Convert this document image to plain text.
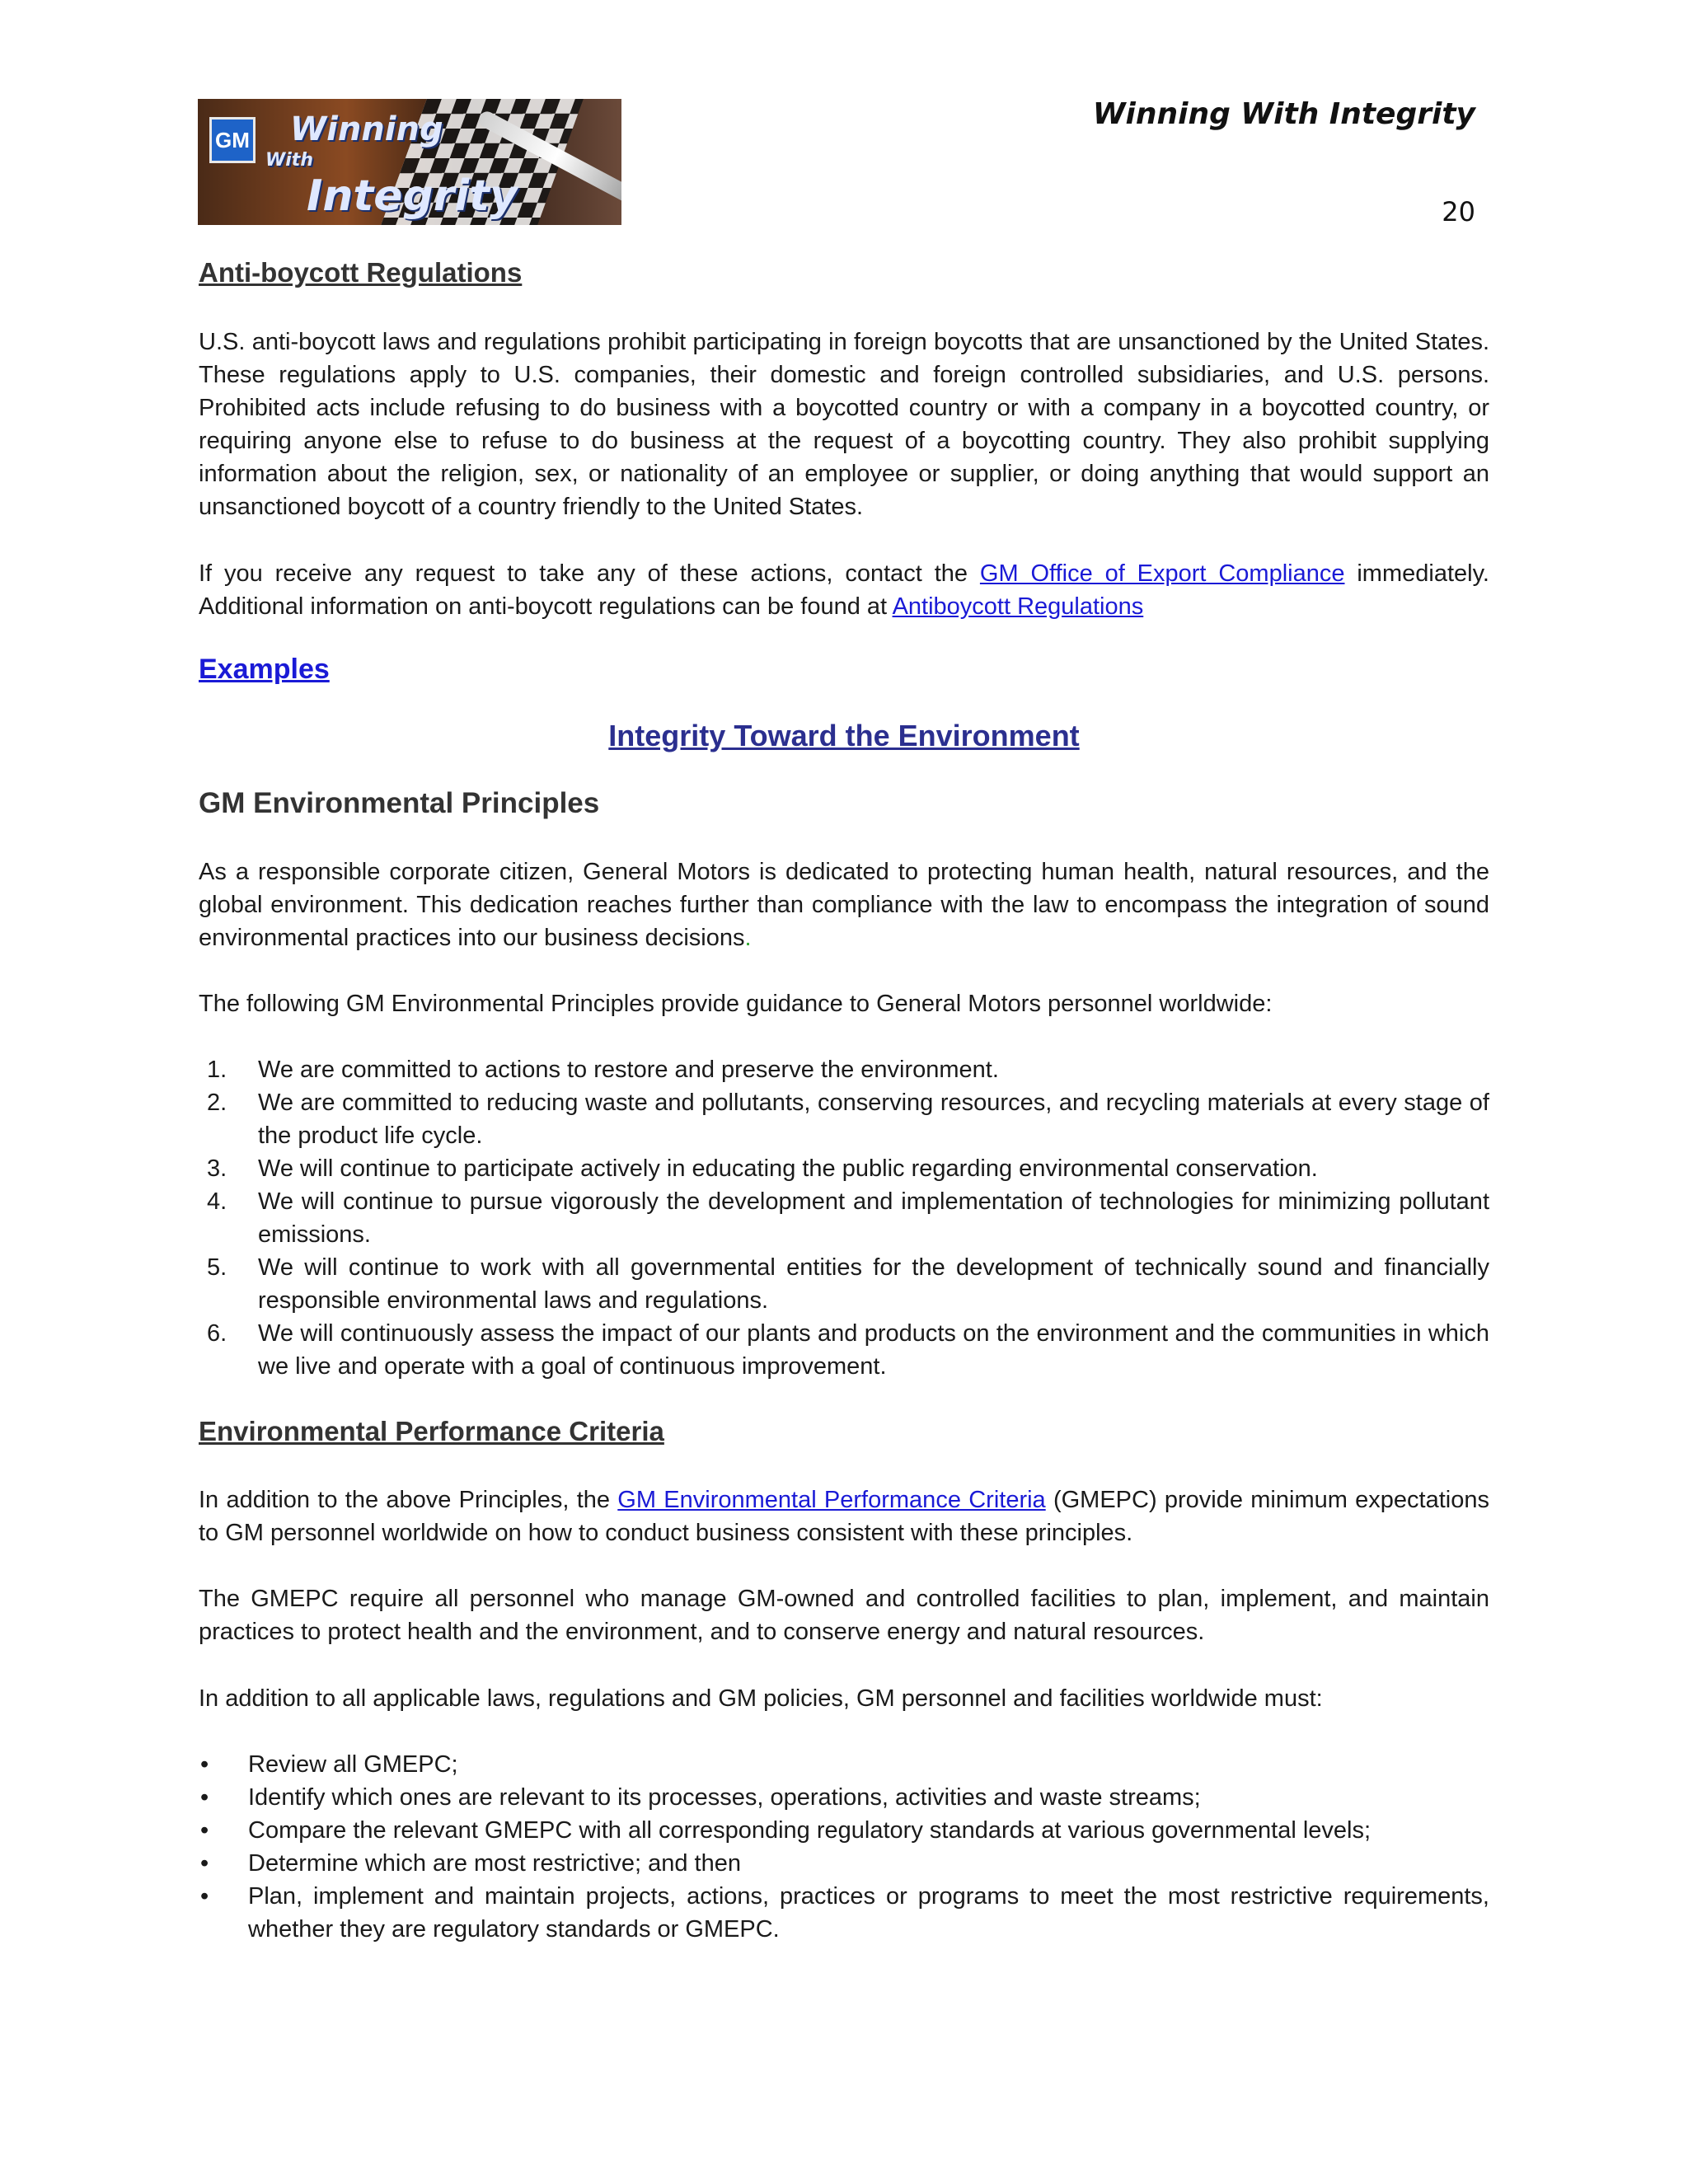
GM Winning
With
Integrity
Winning With Integrity
20

Anti-boycott Regulations

U.S. anti-boycott laws and regulations prohibit participating in foreign boycotts that are unsanctioned by the United States. These regulations apply to U.S. companies, their domestic and foreign controlled subsidiaries, and U.S. persons. Prohibited acts include refusing to do business with a boycotted country or with a company in a boycotted country, or requiring anyone else to refuse to do business at the request of a boycotting country. They also prohibit supplying information about the religion, sex, or nationality of an employee or supplier, or doing anything that would support an unsanctioned boycott of a country friendly to the United States.

If you receive any request to take any of these actions, contact the GM Office of Export Compliance immediately. Additional information on anti-boycott regulations can be found at Antiboycott Regulations

Examples

Integrity Toward the Environment

GM Environmental Principles

As a responsible corporate citizen, General Motors is dedicated to protecting human health, natural resources, and the global environment. This dedication reaches further than compliance with the law to encompass the integration of sound environmental practices into our business decisions.

The following GM Environmental Principles provide guidance to General Motors personnel worldwide:

1. We are committed to actions to restore and preserve the environment.
2. We are committed to reducing waste and pollutants, conserving resources, and recycling materials at every stage of the product life cycle.
3. We will continue to participate actively in educating the public regarding environmental conservation.
4. We will continue to pursue vigorously the development and implementation of technologies for minimizing pollutant emissions.
5. We will continue to work with all governmental entities for the development of technically sound and financially responsible environmental laws and regulations.
6. We will continuously assess the impact of our plants and products on the environment and the communities in which we live and operate with a goal of continuous improvement.

Environmental Performance Criteria

In addition to the above Principles, the GM Environmental Performance Criteria (GMEPC) provide minimum expectations to GM personnel worldwide on how to conduct business consistent with these principles.

The GMEPC require all personnel who manage GM-owned and controlled facilities to plan, implement, and maintain practices to protect health and the environment, and to conserve energy and natural resources.

In addition to all applicable laws, regulations and GM policies, GM personnel and facilities worldwide must:

• Review all GMEPC;
• Identify which ones are relevant to its processes, operations, activities and waste streams;
• Compare the relevant GMEPC with all corresponding regulatory standards at various governmental levels;
• Determine which are most restrictive; and then
• Plan, implement and maintain projects, actions, practices or programs to meet the most restrictive requirements, whether they are regulatory standards or GMEPC.
